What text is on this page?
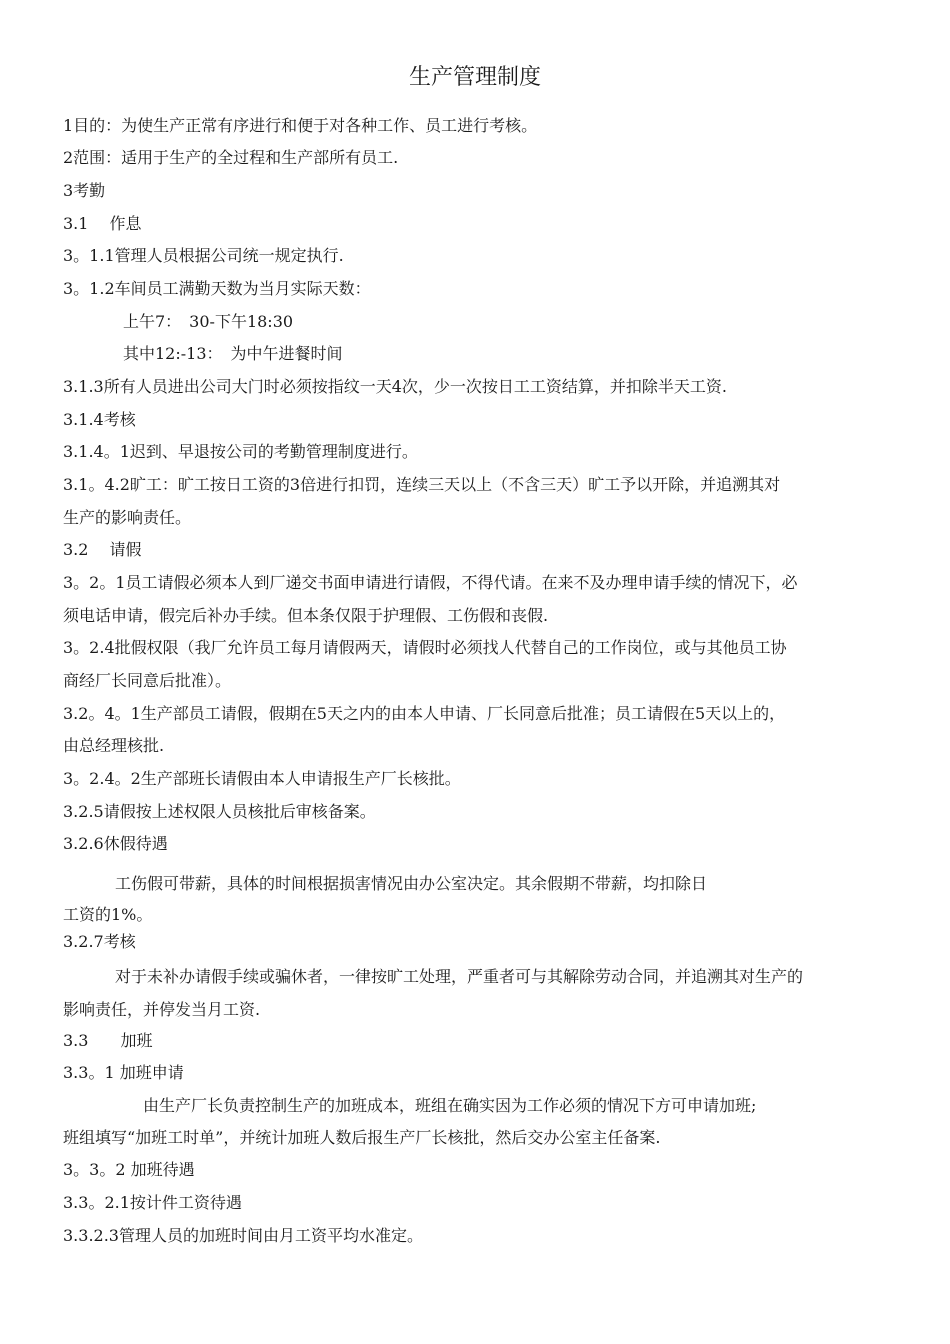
生产管理制度
1目的：为使生产正常有序进行和便于对各种工作、员工进行考核。
2范围：适用于生产的全过程和生产部所有员工.
3考勤
3.1　 作息
3。1.1管理人员根据公司统一规定执行.
3。1.2车间员工满勤天数为当月实际天数：
上午7：　30-下午18:30
其中12:-13：　为中午进餐时间
3.1.3所有人员进出公司大门时必须按指纹一天4次，少一次按日工工资结算，并扣除半天工资.
3.1.4考核
3.1.4。1迟到、早退按公司的考勤管理制度进行。
3.1。4.2旷工：旷工按日工资的3倍进行扣罚，连续三天以上（不含三天）旷工予以开除，并追溯其对
生产的影响责任。
3.2　 请假
3。2。1员工请假必须本人到厂递交书面申请进行请假，不得代请。在来不及办理申请手续的情况下，必
须电话申请，假完后补办手续。但本条仅限于护理假、工伤假和丧假.
3。2.4批假权限（我厂允许员工每月请假两天，请假时必须找人代替自己的工作岗位，或与其他员工协
商经厂长同意后批准）。
3.2。4。1生产部员工请假，假期在5天之内的由本人申请、厂长同意后批准；员工请假在5天以上的，
由总经理核批.
3。2.4。2生产部班长请假由本人申请报生产厂长核批。
3.2.5请假按上述权限人员核批后审核备案。
3.2.6休假待遇
工伤假可带薪，具体的时间根据损害情况由办公室决定。其余假期不带薪，均扣除日
工资的1%。
3.2.7考核
对于未补办请假手续或骗休者，一律按旷工处理，严重者可与其解除劳动合同，并追溯其对生产的
影响责任，并停发当月工资.
3.3　　加班
3.3。1 加班申请
由生产厂长负责控制生产的加班成本，班组在确实因为工作必须的情况下方可申请加班;
班组填写“加班工时单”，并统计加班人数后报生产厂长核批，然后交办公室主任备案.
3。3。2 加班待遇
3.3。2.1按计件工资待遇
3.3.2.3管理人员的加班时间由月工资平均水准定。
